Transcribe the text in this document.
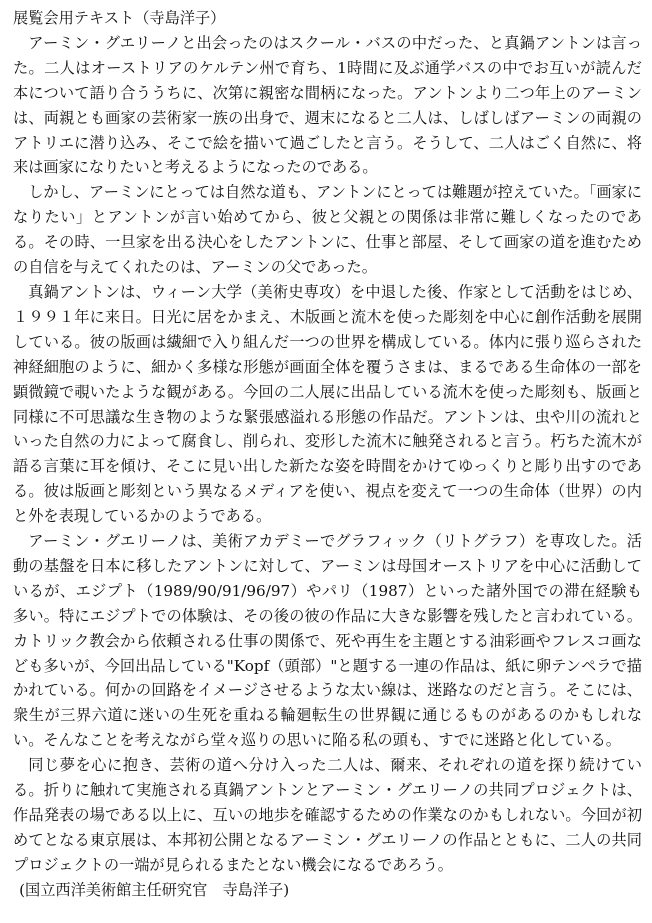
展覧会用テキスト（寺島洋子）

アーミン・グエリーノと出会ったのはスクール・バスの中だった、と真鍋アントンは言った。二人はオーストリアのケルテン州で育ち、1時間に及ぶ通学バスの中でお互いが読んだ本について語り合ううちに、次第に親密な間柄になった。アントンより二つ年上のアーミンは、両親とも画家の芸術家一族の出身で、週末になると二人は、しばしばアーミンの両親のアトリエに潜り込み、そこで絵を描いて過ごしたと言う。そうして、二人はごく自然に、将来は画家になりたいと考えるようになったのである。

しかし、アーミンにとっては自然な道も、アントンにとっては難題が控えていた。「画家になりたい」とアントンが言い始めてから、彼と父親との関係は非常に難しくなったのである。その時、一旦家を出る決心をしたアントンに、仕事と部屋、そして画家の道を進むための自信を与えてくれたのは、アーミンの父であった。

真鍋アントンは、ウィーン大学（美術史専攻）を中退した後、作家として活動をはじめ、１９９１年に来日。日光に居をかまえ、木版画と流木を使った彫刻を中心に創作活動を展開している。彼の版画は繊細で入り組んだ一つの世界を構成している。体内に張り巡らされた神経細胞のように、細かく多様な形態が画面全体を覆うさまは、まるである生命体の一部を顕微鏡で覗いたような観がある。今回の二人展に出品している流木を使った彫刻も、版画と同様に不可思議な生き物のような緊張感溢れる形態の作品だ。アントンは、虫や川の流れといった自然の力によって腐食し、削られ、変形した流木に触発されると言う。朽ちた流木が語る言葉に耳を傾け、そこに見い出した新たな姿を時間をかけてゆっくりと彫り出すのである。彼は版画と彫刻という異なるメディアを使い、視点を変えて一つの生命体（世界）の内と外を表現しているかのようである。

アーミン・グエリーノは、美術アカデミーでグラフィック（リトグラフ）を専攻した。活動の基盤を日本に移したアントンに対して、アーミンは母国オーストリアを中心に活動しているが、エジプト（1989/90/91/96/97）やパリ（1987）といった諸外国での滞在経験も多い。特にエジプトでの体験は、その後の彼の作品に大きな影響を残したと言われている。カトリック教会から依頼される仕事の関係で、死や再生を主題とする油彩画やフレスコ画なども多いが、今回出品している"Kopf（頭部）"と題する一連の作品は、紙に卵テンペラで描かれている。何かの回路をイメージさせるような太い線は、迷路なのだと言う。そこには、衆生が三界六道に迷いの生死を重ねる輪廻転生の世界観に通じるものがあるのかもしれない。そんなことを考えながら堂々巡りの思いに陥る私の頭も、すでに迷路と化している。

同じ夢を心に抱き、芸術の道へ分け入った二人は、爾来、それぞれの道を探り続けている。折りに触れて実施される真鍋アントンとアーミン・グエリーノの共同プロジェクトは、作品発表の場である以上に、互いの地歩を確認するための作業なのかもしれない。今回が初めてとなる東京展は、本邦初公開となるアーミン・グエリーノの作品とともに、二人の共同プロジェクトの一端が見られるまたとない機会になるであろう。

(国立西洋美術館主任研究官　寺島洋子)
